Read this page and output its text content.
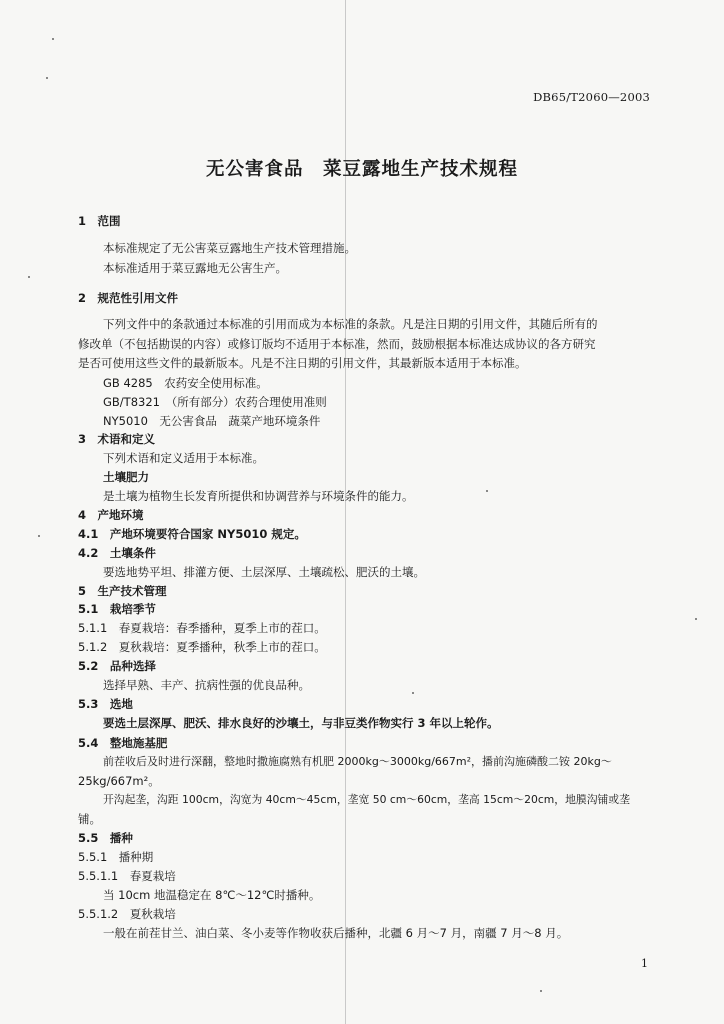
DB65/T2060—2003
无公害食品　菜豆露地生产技术规程
1　范围
本标准规定了无公害菜豆露地生产技术管理措施。
本标准适用于菜豆露地无公害生产。
2　规范性引用文件
下列文件中的条款通过本标准的引用而成为本标准的条款。凡是注日期的引用文件，其随后所有的
修改单（不包括勘误的内容）或修订版均不适用于本标准，然而，鼓励根据本标准达成协议的各方研究
是否可使用这些文件的最新版本。凡是不注日期的引用文件，其最新版本适用于本标准。
GB 4285　农药安全使用标准。
GB/T8321　（所有部分）农药合理使用准则
NY5010　无公害食品　蔬菜产地环境条件
3　术语和定义
下列术语和定义适用于本标准。
土壤肥力
是土壤为植物生长发育所提供和协调营养与环境条件的能力。
4　产地环境
4.1　产地环境要符合国家 NY5010 规定。
4.2　土壤条件
要选地势平坦、排灌方便、土层深厚、土壤疏松、肥沃的土壤。
5　生产技术管理
5.1　栽培季节
5.1.1　春夏栽培：春季播种，夏季上市的茬口。
5.1.2　夏秋栽培：夏季播种，秋季上市的茬口。
5.2　品种选择
选择早熟、丰产、抗病性强的优良品种。
5.3　选地
要选土层深厚、肥沃、排水良好的沙壤土，与非豆类作物实行 3 年以上轮作。
5.4　整地施基肥
前茬收后及时进行深翻，整地时撒施腐熟有机肥 2000kg～3000kg/667m²，播前沟施磷酸二铵 20kg～
25kg/667m²。
开沟起垄，沟距 100cm，沟宽为 40cm～45cm，垄宽 50 cm～60cm，垄高 15cm～20cm，地膜沟铺或垄
铺。
5.5　播种
5.5.1　播种期
5.5.1.1　春夏栽培
当 10cm 地温稳定在 8℃～12℃时播种。
5.5.1.2　夏秋栽培
一般在前茬甘兰、油白菜、冬小麦等作物收获后播种，北疆 6 月～7 月，南疆 7 月～8 月。
1
